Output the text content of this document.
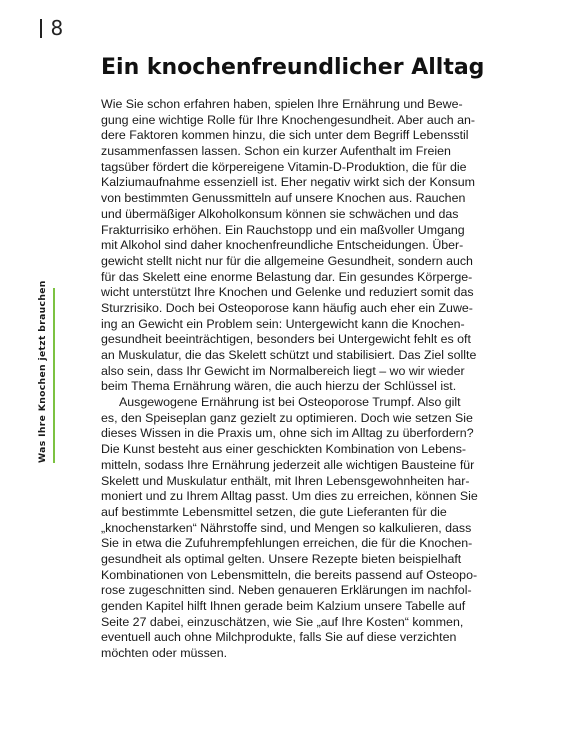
8
Was Ihre Knochen jetzt brauchen
Ein knochenfreundlicher Alltag
Wie Sie schon erfahren haben, spielen Ihre Ernährung und Bewe-
gung eine wichtige Rolle für Ihre Knochengesundheit. Aber auch an-
dere Faktoren kommen hinzu, die sich unter dem Begriff Lebensstil
zusammenfassen lassen. Schon ein kurzer Aufenthalt im Freien
tagsüber fördert die körpereigene Vitamin-D-Produktion, die für die
Kalziumaufnahme essenziell ist. Eher negativ wirkt sich der Konsum
von bestimmten Genussmitteln auf unsere Knochen aus. Rauchen
und übermäßiger Alkoholkonsum können sie schwächen und das
Frakturrisiko erhöhen. Ein Rauchstopp und ein maßvoller Umgang
mit Alkohol sind daher knochenfreundliche Entscheidungen. Über-
gewicht stellt nicht nur für die allgemeine Gesundheit, sondern auch
für das Skelett eine enorme Belastung dar. Ein gesundes Körperge-
wicht unterstützt Ihre Knochen und Gelenke und reduziert somit das
Sturzrisiko. Doch bei Osteoporose kann häufig auch eher ein Zuwe-
ing an Gewicht ein Problem sein: Untergewicht kann die Knochen-
gesundheit beeinträchtigen, besonders bei Untergewicht fehlt es oft
an Muskulatur, die das Skelett schützt und stabilisiert. Das Ziel sollte
also sein, dass Ihr Gewicht im Normalbereich liegt – wo wir wieder
beim Thema Ernährung wären, die auch hierzu der Schlüssel ist.
Ausgewogene Ernährung ist bei Osteoporose Trumpf. Also gilt
es, den Speiseplan ganz gezielt zu optimieren. Doch wie setzen Sie
dieses Wissen in die Praxis um, ohne sich im Alltag zu überfordern?
Die Kunst besteht aus einer geschickten Kombination von Lebens-
mitteln, sodass Ihre Ernährung jederzeit alle wichtigen Bausteine für
Skelett und Muskulatur enthält, mit Ihren Lebensgewohnheiten har-
moniert und zu Ihrem Alltag passt. Um dies zu erreichen, können Sie
auf bestimmte Lebensmittel setzen, die gute Lieferanten für die
„knochenstarken“ Nährstoffe sind, und Mengen so kalkulieren, dass
Sie in etwa die Zufuhrempfehlungen erreichen, die für die Knochen-
gesundheit als optimal gelten. Unsere Rezepte bieten beispielhaft
Kombinationen von Lebensmitteln, die bereits passend auf Osteopo-
rose zugeschnitten sind. Neben genaueren Erklärungen im nachfol-
genden Kapitel hilft Ihnen gerade beim Kalzium unsere Tabelle auf
Seite 27 dabei, einzuschätzen, wie Sie „auf Ihre Kosten“ kommen,
eventuell auch ohne Milchprodukte, falls Sie auf diese verzichten
möchten oder müssen.
